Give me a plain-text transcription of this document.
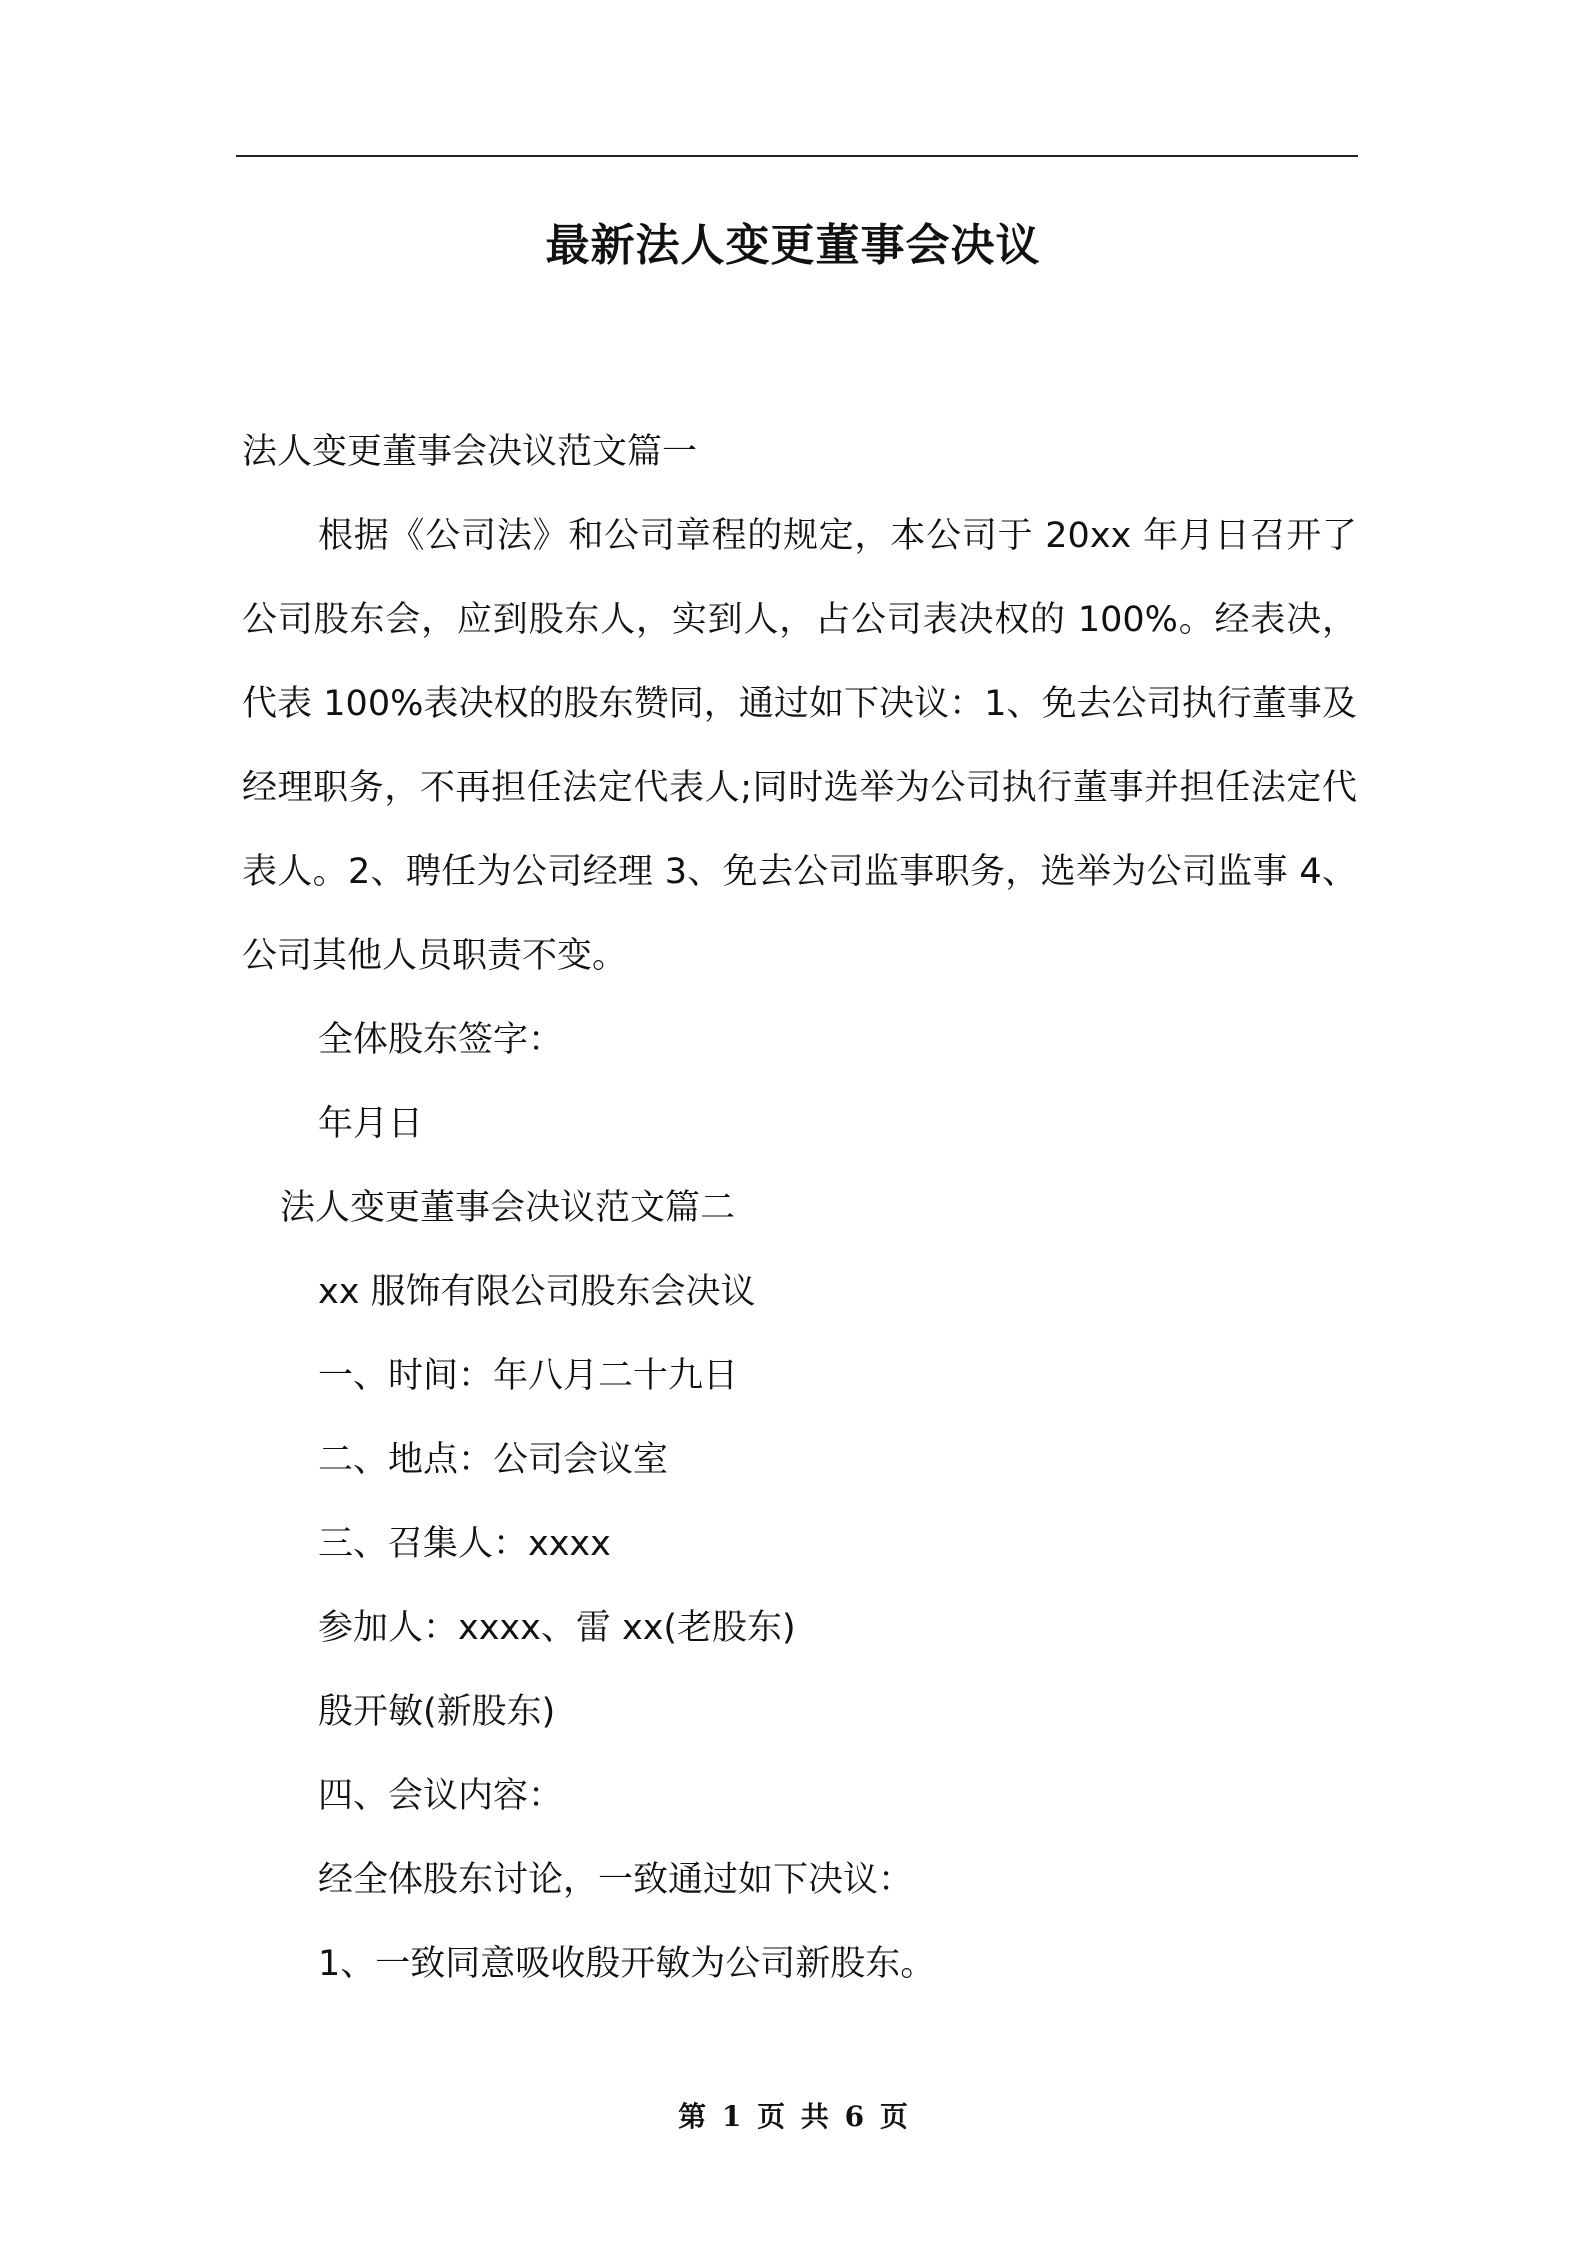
最新法人变更董事会决议

法人变更董事会决议范文篇一

根据《公司法》和公司章程的规定，本公司于 20xx 年月日召开了公司股东会，应到股东人，实到人，占公司表决权的 100%。经表决，代表 100%表决权的股东赞同，通过如下决议：1、免去公司执行董事及经理职务，不再担任法定代表人;同时选举为公司执行董事并担任法定代表人。2、聘任为公司经理 3、免去公司监事职务，选举为公司监事 4、公司其他人员职责不变。

全体股东签字：

年月日

法人变更董事会决议范文篇二

xx 服饰有限公司股东会决议

一、时间：年八月二十九日

二、地点：公司会议室

三、召集人：xxxx

参加人：xxxx、雷 xx(老股东)

殷开敏(新股东)

四、会议内容：

经全体股东讨论，一致通过如下决议：

1、一致同意吸收殷开敏为公司新股东。

第 1 页 共 6 页
